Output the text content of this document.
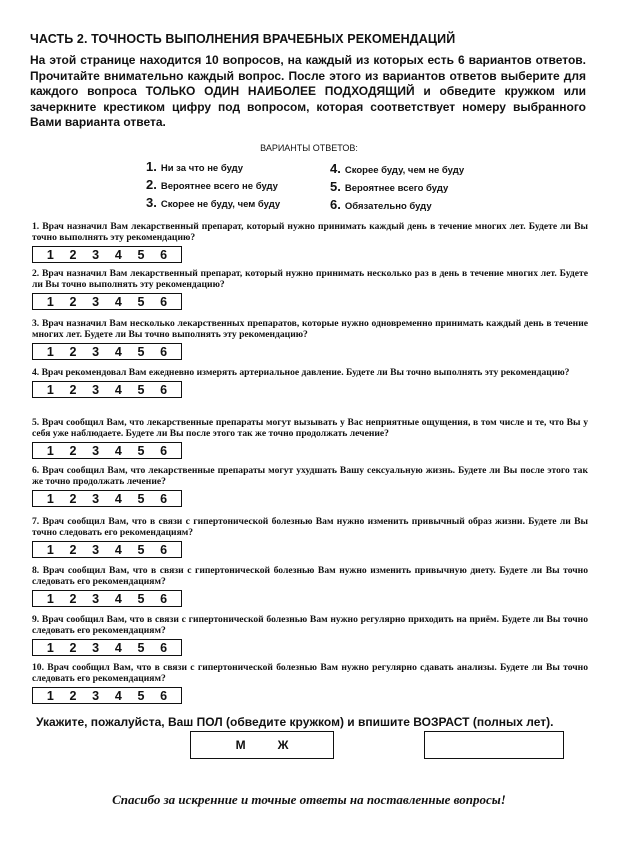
ЧАСТЬ 2. ТОЧНОСТЬ ВЫПОЛНЕНИЯ ВРАЧЕБНЫХ РЕКОМЕНДАЦИЙ
На этой странице находится 10 вопросов, на каждый из которых есть 6 вариантов ответов. Прочитайте внимательно каждый вопрос. После этого из вариантов ответов выберите для каждого вопроса ТОЛЬКО ОДИН НАИБОЛЕЕ ПОДХОДЯЩИЙ и обведите кружком или зачеркните крестиком цифру под вопросом, которая соответствует номеру выбранного Вами варианта ответа.
ВАРИАНТЫ ОТВЕТОВ:
1. Ни за что не буду
2. Вероятнее всего не буду
3. Скорее не буду, чем буду
4. Скорее буду, чем не буду
5. Вероятнее всего буду
6. Обязательно буду
1. Врач назначил Вам лекарственный препарат, который нужно принимать каждый день в течение многих лет. Будете ли Вы точно выполнять эту рекомендацию?
1 2 3 4 5 6
2. Врач назначил Вам лекарственный препарат, который нужно принимать несколько раз в день в течение многих лет. Будете ли Вы точно выполнять эту рекомендацию?
1 2 3 4 5 6
3. Врач назначил Вам несколько лекарственных препаратов, которые нужно одновременно принимать каждый день в течение многих лет. Будете ли Вы точно выполнять эту рекомендацию?
1 2 3 4 5 6
4. Врач рекомендовал Вам ежедневно измерять артериальное давление. Будете ли Вы точно выполнять эту рекомендацию?
1 2 3 4 5 6
5. Врач сообщил Вам, что лекарственные препараты могут вызывать у Вас неприятные ощущения, в том числе и те, что Вы у себя уже наблюдаете. Будете ли Вы после этого так же точно продолжать лечение?
1 2 3 4 5 6
6. Врач сообщил Вам, что лекарственные препараты могут ухудшать Вашу сексуальную жизнь. Будете ли Вы после этого так же точно продолжать лечение?
1 2 3 4 5 6
7. Врач сообщил Вам, что в связи с гипертонической болезнью Вам нужно изменить привычный образ жизни. Будете ли Вы точно следовать его рекомендациям?
1 2 3 4 5 6
8. Врач сообщил Вам, что в связи с гипертонической болезнью Вам нужно изменить привычную диету. Будете ли Вы точно следовать его рекомендациям?
1 2 3 4 5 6
9. Врач сообщил Вам, что в связи с гипертонической болезнью Вам нужно регулярно приходить на приём. Будете ли Вы точно следовать его рекомендациям?
1 2 3 4 5 6
10. Врач сообщил Вам, что в связи с гипертонической болезнью Вам нужно регулярно сдавать анализы. Будете ли Вы точно следовать его рекомендациям?
1 2 3 4 5 6
Укажите, пожалуйста, Ваш ПОЛ (обведите кружком) и впишите ВОЗРАСТ (полных лет).
М	Ж
Спасибо за искренние и точные ответы на поставленные вопросы!
